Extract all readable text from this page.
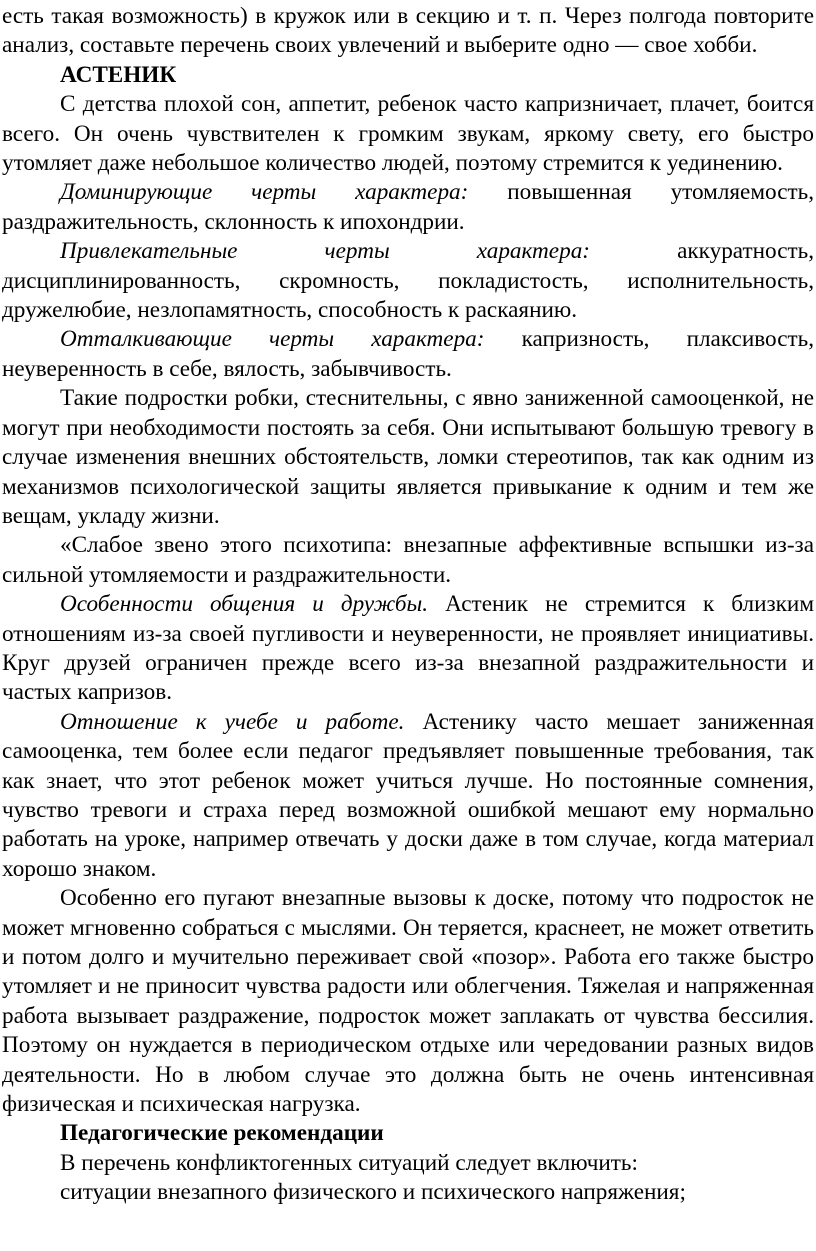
есть такая возможность) в кружок или в секцию и т. п. Через полгода повторите анализ, составьте перечень своих увлечений и выберите одно — свое хобби.

АСТЕНИК

С детства плохой сон, аппетит, ребенок часто капризничает, плачет, боится всего. Он очень чувствителен к громким звукам, яркому свету, его быстро утомляет даже небольшое количество людей, поэтому стремится к уединению.

Доминирующие черты характера: повышенная утомляемость, раздражительность, склонность к ипохондрии.

Привлекательные черты характера: аккуратность, дисциплинированность, скромность, покладистость, исполнительность, дружелюбие, незлопамятность, способность к раскаянию.

Отталкивающие черты характера: капризность, плаксивость, неуверенность в себе, вялость, забывчивость.

Такие подростки робки, стеснительны, с явно заниженной самооценкой, не могут при необходимости постоять за себя. Они испытывают большую тревогу в случае изменения внешних обстоятельств, ломки стереотипов, так как одним из механизмов психологической защиты является привыкание к одним и тем же вещам, укладу жизни.

«Слабое звено этого психотипа: внезапные аффективные вспышки из-за сильной утомляемости и раздражительности.

Особенности общения и дружбы. Астеник не стремится к близким отношениям из-за своей пугливости и неуверенности, не проявляет инициативы. Круг друзей ограничен прежде всего из-за внезапной раздражительности и частых капризов.

Отношение к учебе и работе. Астенику часто мешает заниженная самооценка, тем более если педагог предъявляет повышенные требования, так как знает, что этот ребенок может учиться лучше. Но постоянные сомнения, чувство тревоги и страха перед возможной ошибкой мешают ему нормально работать на уроке, например отвечать у доски даже в том случае, когда материал хорошо знаком.

Особенно его пугают внезапные вызовы к доске, потому что подросток не может мгновенно собраться с мыслями. Он теряется, краснеет, не может ответить и потом долго и мучительно переживает свой «позор». Работа его также быстро утомляет и не приносит чувства радости или облегчения. Тяжелая и напряженная работа вызывает раздражение, подросток может заплакать от чувства бессилия. Поэтому он нуждается в периодическом отдыхе или чередовании разных видов деятельности. Но в любом случае это должна быть не очень интенсивная физическая и психическая нагрузка.

Педагогические рекомендации

В перечень конфликтогенных ситуаций следует включить:

ситуации внезапного физического и психического напряжения;
